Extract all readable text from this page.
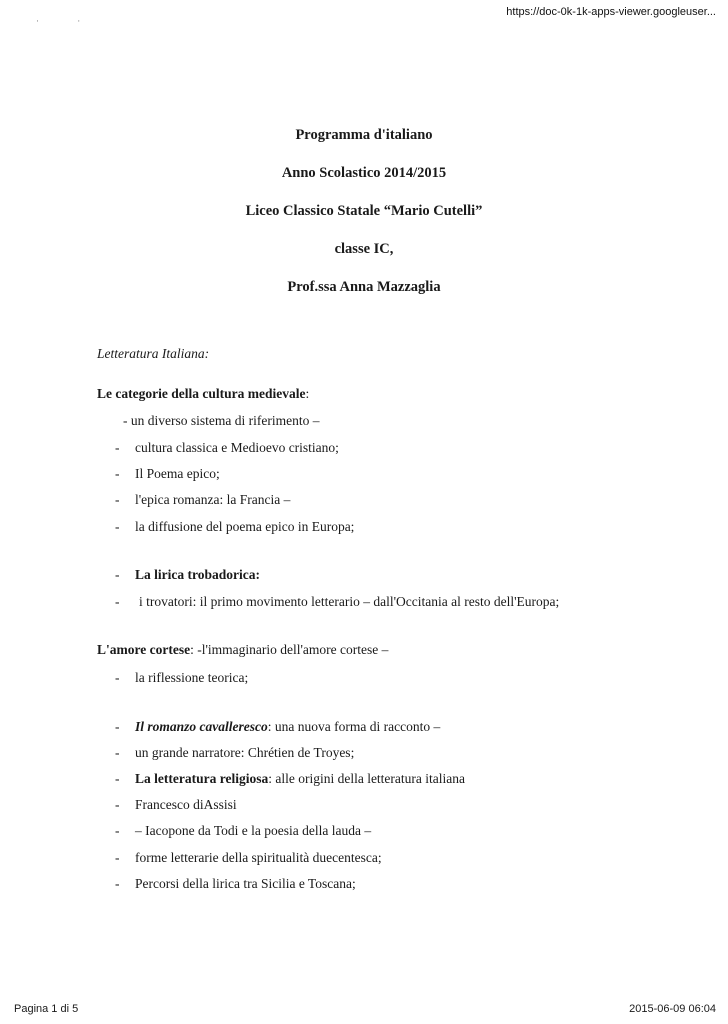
https://doc-0k-1k-apps-viewer.googleuser...
· ·
Programma d'italiano
Anno Scolastico 2014/2015
Liceo Classico Statale “Mario Cutelli”
classe IC,
Prof.ssa Anna Mazzaglia
Letteratura Italiana:
Le categorie della cultura medievale:
- un diverso sistema di riferimento –
- cultura classica e Medioevo cristiano;
- Il Poema epico;
- l'epica romanza: la Francia –
- la diffusione del poema epico in Europa;
- La lirica trobadorica:
- i trovatori: il primo movimento letterario – dall'Occitania al resto dell'Europa;
L'amore cortese: -l'immaginario dell'amore cortese –
- la riflessione teorica;
- Il romanzo cavalleresco: una nuova forma di racconto –
- un grande narratore: Chrétien de Troyes;
- La letteratura religiosa: alle origini della letteratura italiana
- Francesco diAssisi
- – Iacopone da Todi e la poesia della lauda –
- forme letterarie della spiritualità duecentesca;
- Percorsi della lirica tra Sicilia e Toscana;
Pagina 1 di 5	2015-06-09 06:04
